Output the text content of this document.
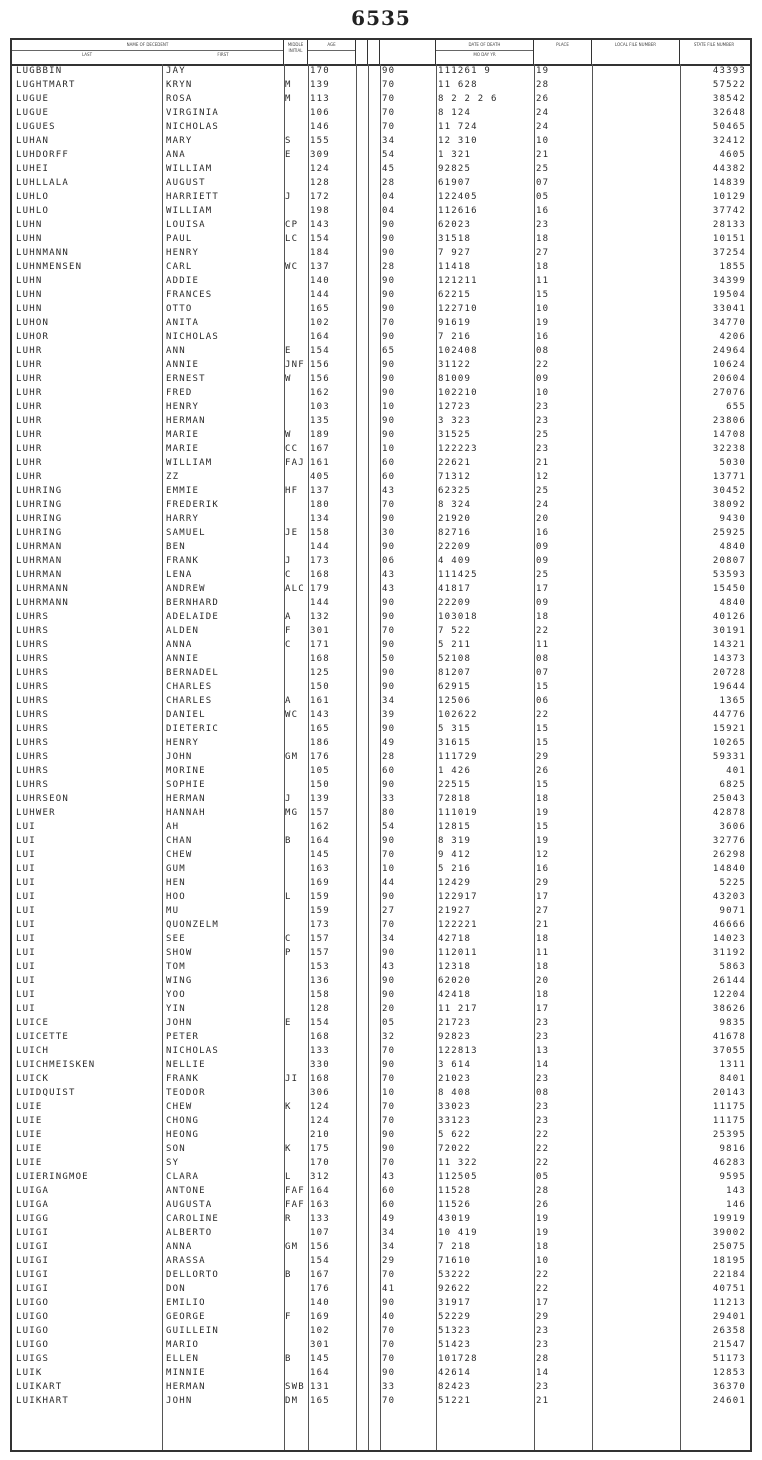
6535
NAME OF DECEDENT
LAST	FIRST
MIDDLE INITIAL
AGE	DATE OF DEATH
MO DAY YR
PLACE	LOCAL FILE NUMBER	STATE FILE NUMBER
LUGBBIN	JAY	170	90	111261 9	19	43393
LUGHTMART	KRYN	M	139	70	11 628	28	57522
LUGUE	ROSA	M	113	70	8 2 2 2 6	26	38542
LUGUE	VIRGINIA	106	70	8 124	24	32648
LUGUES	NICHOLAS	146	70	11 724	24	50465
LUHAN	MARY	S	155	34	12 310	10	32412
LUHDORFF	ANA	E	309	54	1 321	21	4605
LUHEI	WILLIAM	124	45	92825	25	44382
LUHLLALA	AUGUST	128	28	61907	07	14839
LUHLO	HARRIETT	J	172	04	122405	05	10129
LUHLO	WILLIAM	198	04	112616	16	37742
LUHN	LOUISA	CP	143	90	62023	23	28133
LUHN	PAUL	LC	154	90	31518	18	10151
LUHNMANN	HENRY	184	90	7 927	27	37254
LUHNMENSEN	CARL	WC	137	28	11418	18	1855
LUHN	ADDIE	140	90	121211	11	34399
LUHN	FRANCES	144	90	62215	15	19504
LUHN	OTTO	165	90	122710	10	33041
LUHON	ANITA	102	70	91619	19	34770
LUHOR	NICHOLAS	164	90	7 216	16	4206
LUHR	ANN	E	154	65	102408	08	24964
LUHR	ANNIE	JNF 156	90	31122	22	10624
LUHR	ERNEST	W	156	90	81009	09	20604
LUHR	FRED	162	90	102210	10	27076
LUHR	HENRY	103	10	12723	23	655
LUHR	HERMAN	135	90	3 323	23	23806
LUHR	MARIE	W	189	90	31525	25	14708
LUHR	MARIE	CC	167	10	122223	23	32238
LUHR	WILLIAM	FAJ 161	60	22621	21	5030
LUHR	ZZ	405	60	71312	12	13771
LUHRING	EMMIE	HF	137	43	62325	25	30452
LUHRING	FREDERIK	180	70	8 324	24	38092
LUHRING	HARRY	134	90	21920	20	9430
LUHRING	SAMUEL	JE	158	30	82716	16	25925
LUHRMAN	BEN	144	90	22209	09	4840
LUHRMAN	FRANK	J	173	06	4 409	09	20807
LUHRMAN	LENA	C	168	43	111425	25	53593
LUHRMANN	ANDREW	ALC 179	43	41817	17	15450
LUHRMANN	BERNHARD	144	90	22209	09	4840
LUHRS	ADELAIDE	A	132	90	103018	18	40126
LUHRS	ALDEN	F	301	70	7 522	22	30191
LUHRS	ANNA	C	171	90	5 211	11	14321
LUHRS	ANNIE	168	50	52108	08	14373
LUHRS	BERNADEL	125	90	81207	07	20728
LUHRS	CHARLES	150	90	62915	15	19644
LUHRS	CHARLES	A	161	34	12506	06	1365
LUHRS	DANIEL	WC	143	39	102622	22	44776
LUHRS	DIETERIC	165	90	5 315	15	15921
LUHRS	HENRY	186	49	31615	15	10265
LUHRS	JOHN	GM	176	28	111729	29	59331
LUHRS	MORINE	105	60	1 426	26	401
LUHRS	SOPHIE	150	90	22515	15	6825
LUHRSEON	HERMAN	J	139	33	72818	18	25043
LUHWER	HANNAH	MG	157	80	111019	19	42878
LUI	AH	162	54	12815	15	3606
LUI	CHAN	B	164	90	8 319	19	32776
LUI	CHEW	145	70	9 412	12	26298
LUI	GUM	163	10	5 216	16	14840
LUI	HEN	169	44	12429	29	5225
LUI	HOO	L	159	90	122917	17	43203
LUI	MU	159	27	21927	27	9071
LUI	QUONZELM	173	70	122221	21	46666
LUI	SEE	C	157	34	42718	18	14023
LUI	SHOW	P	157	90	112011	11	31192
LUI	TOM	153	43	12318	18	5863
LUI	WING	136	90	62020	20	26144
LUI	YOO	158	90	42418	18	12204
LUI	YIN	128	20	11 217	17	38626
LUICE	JOHN	E	154	05	21723	23	9835
LUICETTE	PETER	168	32	92823	23	41678
LUICH	NICHOLAS	133	70	122813	13	37055
LUICHMEISKEN	NELLIE	330	90	3 614	14	1311
LUICK	FRANK	JI	168	70	21023	23	8401
LUIDQUIST	TEODOR	306	10	8 408	08	20143
LUIE	CHEW	K	124	70	33023	23	11175
LUIE	CHONG	124	70	33123	23	11175
LUIE	HEONG	210	90	5 622	22	25395
LUIE	SON	K	175	90	72022	22	9816
LUIE	SY	170	70	11 322	22	46283
LUIERINGMOE	CLARA	L	312	43	112505	05	9595
LUIGA	ANTONE	FAF 164	60	11528	28	143
LUIGA	AUGUSTA	FAF 163	60	11526	26	146
LUIGG	CAROLINE	R	133	49	43019	19	19919
LUIGI	ALBERTO	107	34	10 419	19	39002
LUIGI	ANNA	GM	156	34	7 218	18	25075
LUIGI	ARASSA	154	29	71610	10	18195
LUIGI	DELLORTO	B	167	70	53222	22	22184
LUIGI	DON	176	41	92622	22	40751
LUIGO	EMILIO	140	90	31917	17	11213
LUIGO	GEORGE	F	169	40	52229	29	29401
LUIGO	GUILLEIN	102	70	51323	23	26358
LUIGO	MARIO	301	70	51423	23	21547
LUIGS	ELLEN	B	145	70	101728	28	51173
LUIK	MINNIE	164	90	42614	14	12853
LUIKART	HERMAN	SWB 131	33	82423	23	36370
LUIKHART	JOHN	DM	165	70	51221	21	24601
